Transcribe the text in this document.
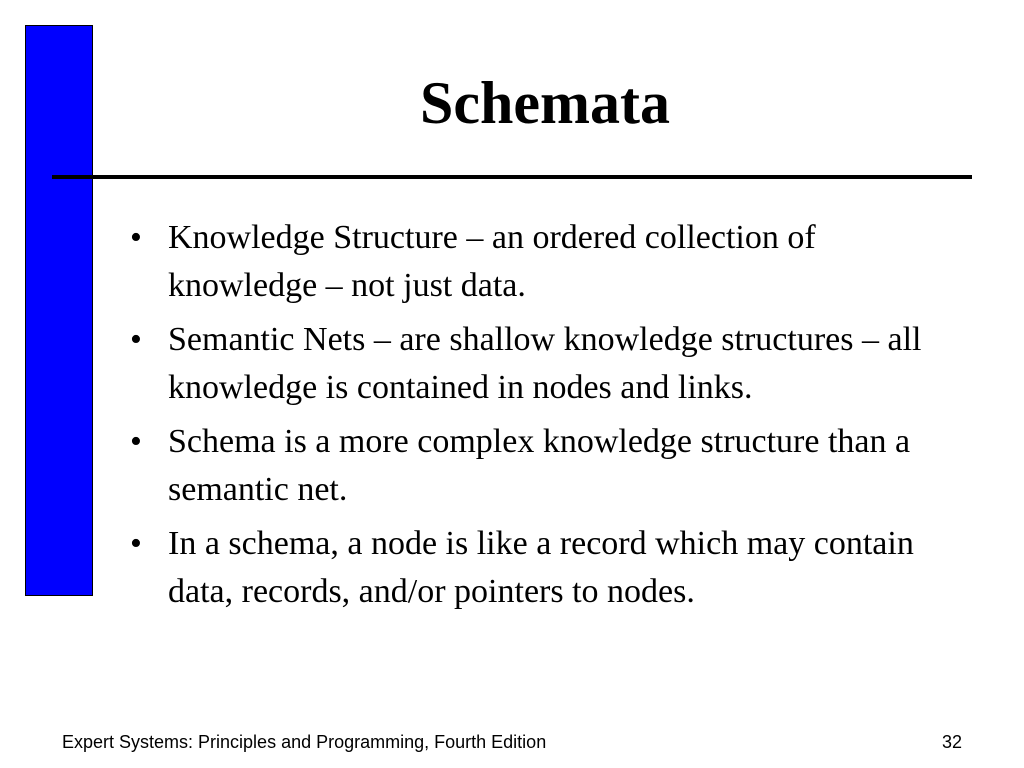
Schemata
• Knowledge Structure – an ordered collection of knowledge – not just data.
• Semantic Nets – are shallow knowledge structures – all knowledge is contained in nodes and links.
• Schema is a more complex knowledge structure than a semantic net.
• In a schema, a node is like a record which may contain data, records, and/or pointers to nodes.
Expert Systems: Principles and Programming, Fourth Edition	32
